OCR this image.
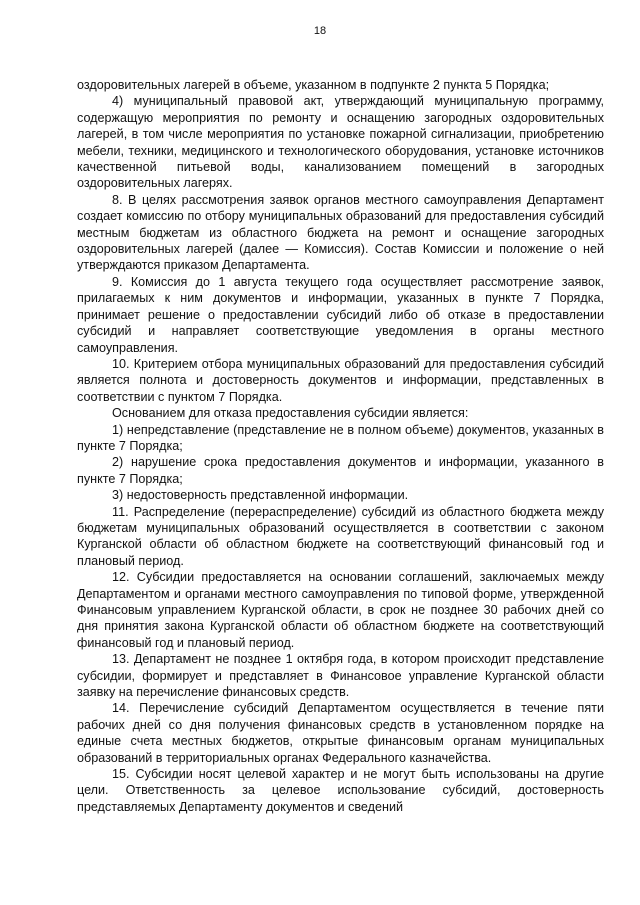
18

оздоровительных лагерей в объеме, указанном в подпункте 2 пункта 5 Порядка;

4) муниципальный правовой акт, утверждающий муниципальную программу, содержащую мероприятия по ремонту и оснащению загородных оздоровительных лагерей, в том числе мероприятия по установке пожарной сигнализации, приобретению мебели, техники, медицинского и технологического оборудования, установке источников качественной питьевой воды, канализованием помещений в загородных оздоровительных лагерях.

8. В целях рассмотрения заявок органов местного самоуправления Департамент создает комиссию по отбору муниципальных образований для предоставления субсидий местным бюджетам из областного бюджета на ремонт и оснащение загородных оздоровительных лагерей (далее — Комиссия). Состав Комиссии и положение о ней утверждаются приказом Департамента.

9. Комиссия до 1 августа текущего года осуществляет рассмотрение заявок, прилагаемых к ним документов и информации, указанных в пункте 7 Порядка, принимает решение о предоставлении субсидий либо об отказе в предоставлении субсидий и направляет соответствующие уведомления в органы местного самоуправления.

10. Критерием отбора муниципальных образований для предоставления субсидий является полнота и достоверность документов и информации, представленных в соответствии с пунктом 7 Порядка.

Основанием для отказа предоставления субсидии является:

1) непредставление (представление не в полном объеме) документов, указанных в пункте 7 Порядка;

2) нарушение срока предоставления документов и информации, указанного в пункте 7 Порядка;

3) недостоверность представленной информации.

11. Распределение (перераспределение) субсидий из областного бюджета между бюджетам муниципальных образований осуществляется в соответствии с законом Курганской области об областном бюджете на соответствующий финансовый год и плановый период.

12. Субсидии предоставляется на основании соглашений, заключаемых между Департаментом и органами местного самоуправления по типовой форме, утвержденной Финансовым управлением Курганской области, в срок не позднее 30 рабочих дней со дня принятия закона Курганской области об областном бюджете на соответствующий финансовый год и плановый период.

13. Департамент не позднее 1 октября года, в котором происходит представление субсидии, формирует и представляет в Финансовое управление Курганской области заявку на перечисление финансовых средств.

14. Перечисление субсидий Департаментом осуществляется в течение пяти рабочих дней со дня получения финансовых средств в установленном порядке на единые счета местных бюджетов, открытые финансовым органам муниципальных образований в территориальных органах Федерального казначейства.

15. Субсидии носят целевой характер и не могут быть использованы на другие цели. Ответственность за целевое использование субсидий, достоверность представляемых Департаменту документов и сведений
